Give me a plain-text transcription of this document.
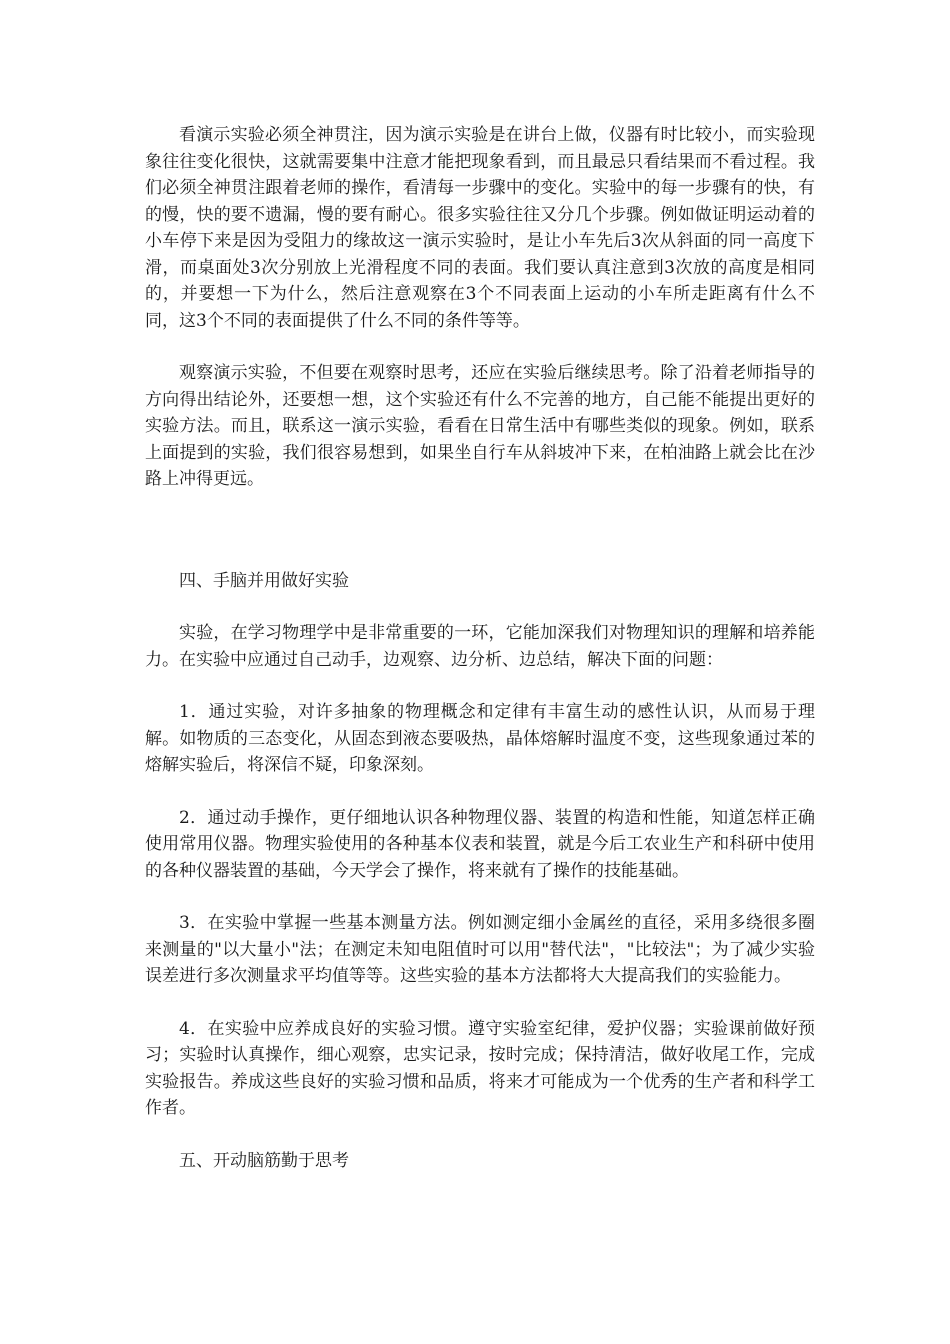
看演示实验必须全神贯注，因为演示实验是在讲台上做，仪器有时比较小，而实验现象往往变化很快，这就需要集中注意才能把现象看到，而且最忌只看结果而不看过程。我们必须全神贯注跟着老师的操作，看清每一步骤中的变化。实验中的每一步骤有的快，有的慢，快的要不遗漏，慢的要有耐心。很多实验往往又分几个步骤。例如做证明运动着的小车停下来是因为受阻力的缘故这一演示实验时，是让小车先后3次从斜面的同一高度下滑，而桌面处3次分别放上光滑程度不同的表面。我们要认真注意到3次放的高度是相同的，并要想一下为什么，然后注意观察在3个不同表面上运动的小车所走距离有什么不同，这3个不同的表面提供了什么不同的条件等等。

观察演示实验，不但要在观察时思考，还应在实验后继续思考。除了沿着老师指导的方向得出结论外，还要想一想，这个实验还有什么不完善的地方，自己能不能提出更好的实验方法。而且，联系这一演示实验，看看在日常生活中有哪些类似的现象。例如，联系上面提到的实验，我们很容易想到，如果坐自行车从斜坡冲下来，在柏油路上就会比在沙路上冲得更远。

四、手脑并用做好实验

实验，在学习物理学中是非常重要的一环，它能加深我们对物理知识的理解和培养能力。在实验中应通过自己动手，边观察、边分析、边总结，解决下面的问题：

1．通过实验，对许多抽象的物理概念和定律有丰富生动的感性认识，从而易于理解。如物质的三态变化，从固态到液态要吸热，晶体熔解时温度不变，这些现象通过苯的熔解实验后，将深信不疑，印象深刻。

2．通过动手操作，更仔细地认识各种物理仪器、装置的构造和性能，知道怎样正确使用常用仪器。物理实验使用的各种基本仪表和装置，就是今后工农业生产和科研中使用的各种仪器装置的基础，今天学会了操作，将来就有了操作的技能基础。

3．在实验中掌握一些基本测量方法。例如测定细小金属丝的直径，采用多绕很多圈来测量的"以大量小"法；在测定未知电阻值时可以用"替代法"，"比较法"；为了减少实验误差进行多次测量求平均值等等。这些实验的基本方法都将大大提高我们的实验能力。

4．在实验中应养成良好的实验习惯。遵守实验室纪律，爱护仪器；实验课前做好预习；实验时认真操作，细心观察，忠实记录，按时完成；保持清洁，做好收尾工作，完成实验报告。养成这些良好的实验习惯和品质，将来才可能成为一个优秀的生产者和科学工作者。

五、开动脑筋勤于思考
